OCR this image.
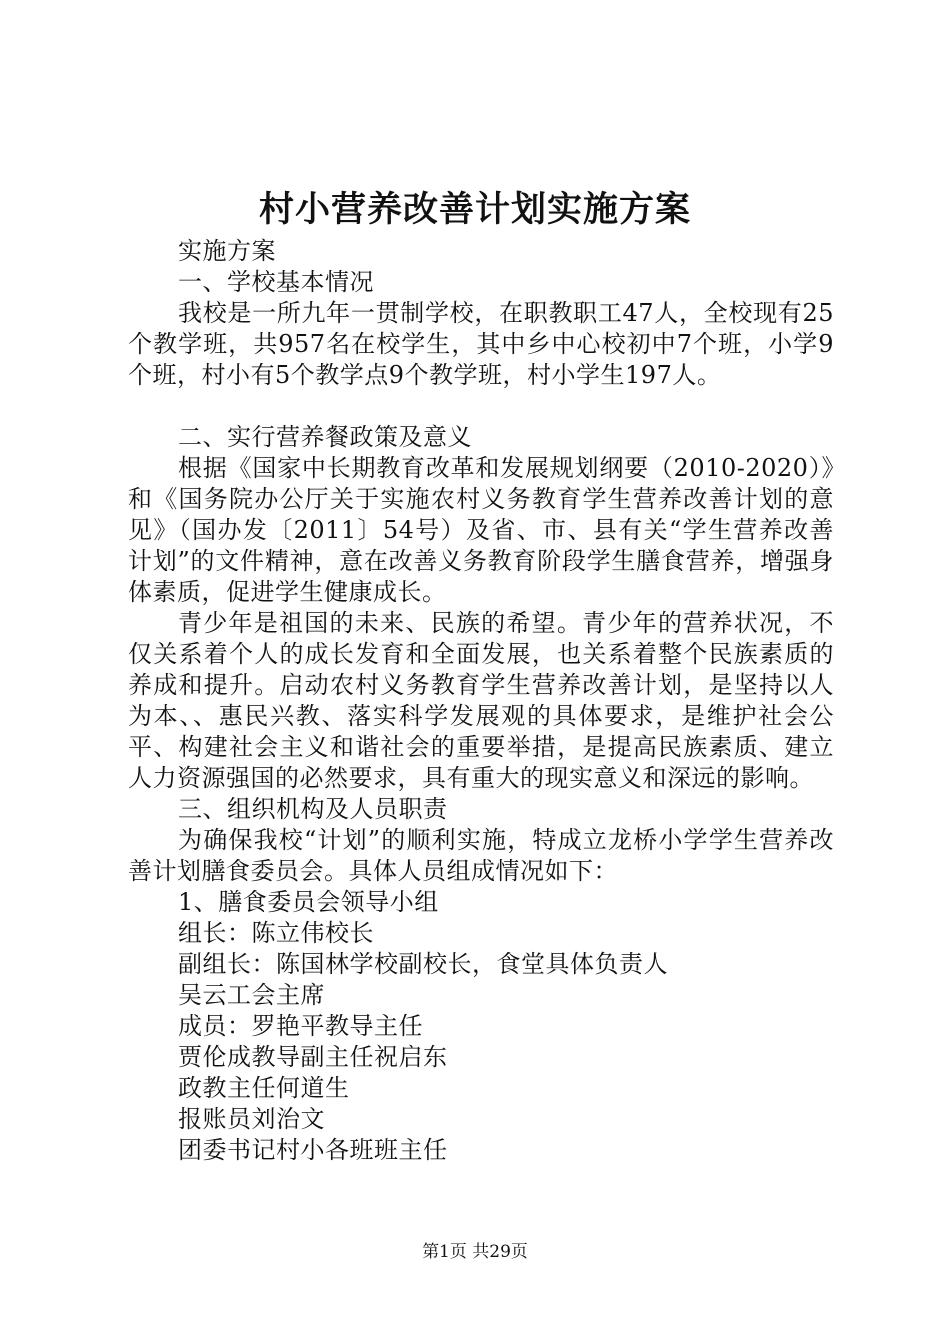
村小营养改善计划实施方案

实施方案

一、学校基本情况

我校是一所九年一贯制学校，在职教职工47人，全校现有25个教学班，共957名在校学生，其中乡中心校初中7个班，小学9个班，村小有5个教学点9个教学班，村小学生197人。

二、实行营养餐政策及意义

根据《国家中长期教育改革和发展规划纲要（2010-2020）》和《国务院办公厅关于实施农村义务教育学生营养改善计划的意见》（国办发〔2011〕54号）及省、市、县有关“学生营养改善计划”的文件精神，意在改善义务教育阶段学生膳食营养，增强身体素质，促进学生健康成长。

青少年是祖国的未来、民族的希望。青少年的营养状况，不仅关系着个人的成长发育和全面发展，也关系着整个民族素质的养成和提升。启动农村义务教育学生营养改善计划，是坚持以人为本、、惠民兴教、落实科学发展观的具体要求，是维护社会公平、构建社会主义和谐社会的重要举措，是提高民族素质、建立人力资源强国的必然要求，具有重大的现实意义和深远的影响。

三、组织机构及人员职责

为确保我校“计划”的顺利实施，特成立龙桥小学学生营养改善计划膳食委员会。具体人员组成情况如下：

1、膳食委员会领导小组

组长：陈立伟校长

副组长：陈国林学校副校长，食堂具体负责人

吴云工会主席

成员：罗艳平教导主任

贾伦成教导副主任祝启东

政教主任何道生

报账员刘治文

团委书记村小各班班主任

第1页 共29页
